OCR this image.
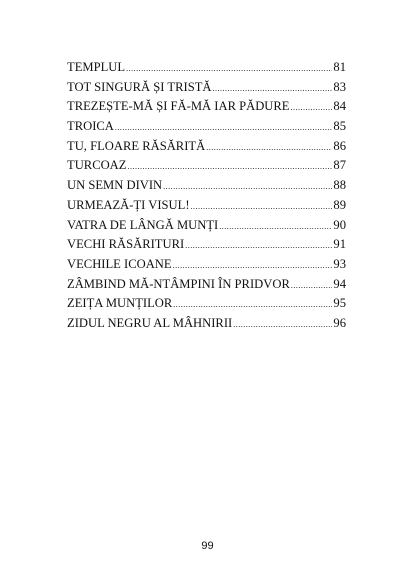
TEMPLUL .....	81
TOT SINGURĂ ȘI TRISTĂ .....	83
TREZEȘTE-MĂ ȘI FĂ-MĂ IAR PĂDURE .....	84
TROICA .....	85
TU, FLOARE RĂSĂRITĂ .....	86
TURCOAZ .....	87
UN SEMN DIVIN .....	88
URMEAZĂ-ȚI VISUL! .....	89
VATRA DE LÂNGĂ MUNȚI .....	90
VECHI RĂSĂRITURI .....	91
VECHILE ICOANE .....	93
ZÂMBIND MĂ-NTÂMPINI ÎN PRIDVOR .....	94
ZEIȚA MUNȚILOR .....	95
ZIDUL NEGRU AL MÂHNIRII .....	96
99
